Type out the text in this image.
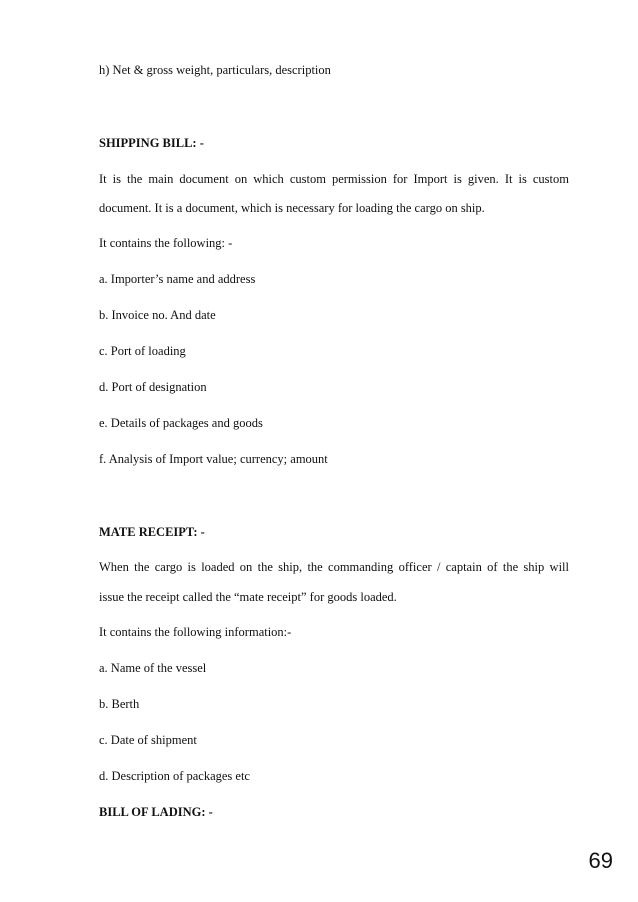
h) Net & gross weight, particulars, description
SHIPPING BILL: -
It is the main document on which custom permission for Import is given. It is custom
document. It is a document, which is necessary for loading the cargo on ship.
It contains the following: -
a. Importer’s name and address
b. Invoice no. And date
c. Port of loading
d. Port of designation
e. Details of packages and goods
f. Analysis of Import value; currency; amount
MATE RECEIPT: -
When the cargo is loaded on the ship, the commanding officer / captain of the ship will
issue the receipt called the “mate receipt” for goods loaded.
It contains the following information:-
a. Name of the vessel
b. Berth
c. Date of shipment
d. Description of packages etc
BILL OF LADING: -
69
